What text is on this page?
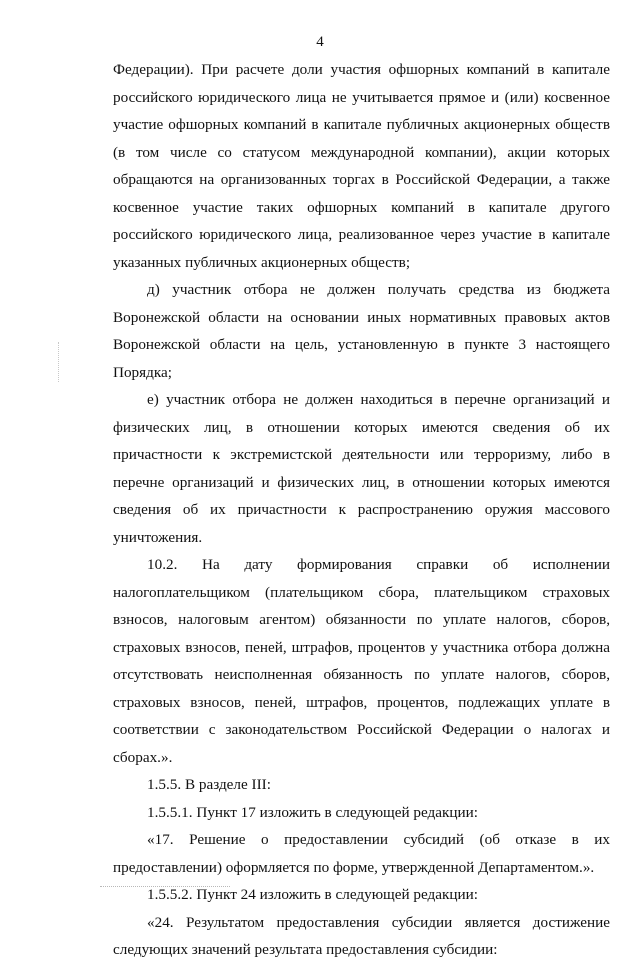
4

Федерации). При расчете доли участия офшорных компаний в капитале российского юридического лица не учитывается прямое и (или) косвенное участие офшорных компаний в капитале публичных акционерных обществ (в том числе со статусом международной компании), акции которых обращаются на организованных торгах в Российской Федерации, а также косвенное участие таких офшорных компаний в капитале другого российского юридического лица, реализованное через участие в капитале указанных публичных акционерных обществ;

д) участник отбора не должен получать средства из бюджета Воронежской области на основании иных нормативных правовых актов Воронежской области на цель, установленную в пункте 3 настоящего Порядка;

е) участник отбора не должен находиться в перечне организаций и физических лиц, в отношении которых имеются сведения об их причастности к экстремистской деятельности или терроризму, либо в перечне организаций и физических лиц, в отношении которых имеются сведения об их причастности к распространению оружия массового уничтожения.

10.2. На дату формирования справки об исполнении налогоплательщиком (плательщиком сбора, плательщиком страховых взносов, налоговым агентом) обязанности по уплате налогов, сборов, страховых взносов, пеней, штрафов, процентов у участника отбора должна отсутствовать неисполненная обязанность по уплате налогов, сборов, страховых взносов, пеней, штрафов, процентов, подлежащих уплате в соответствии с законодательством Российской Федерации о налогах и сборах.».

1.5.5. В разделе III:

1.5.5.1. Пункт 17 изложить в следующей редакции:

«17. Решение о предоставлении субсидий (об отказе в их предоставлении) оформляется по форме, утвержденной Департаментом.».

1.5.5.2. Пункт 24 изложить в следующей редакции:

«24. Результатом предоставления субсидии является достижение следующих значений результата предоставления субсидии:
